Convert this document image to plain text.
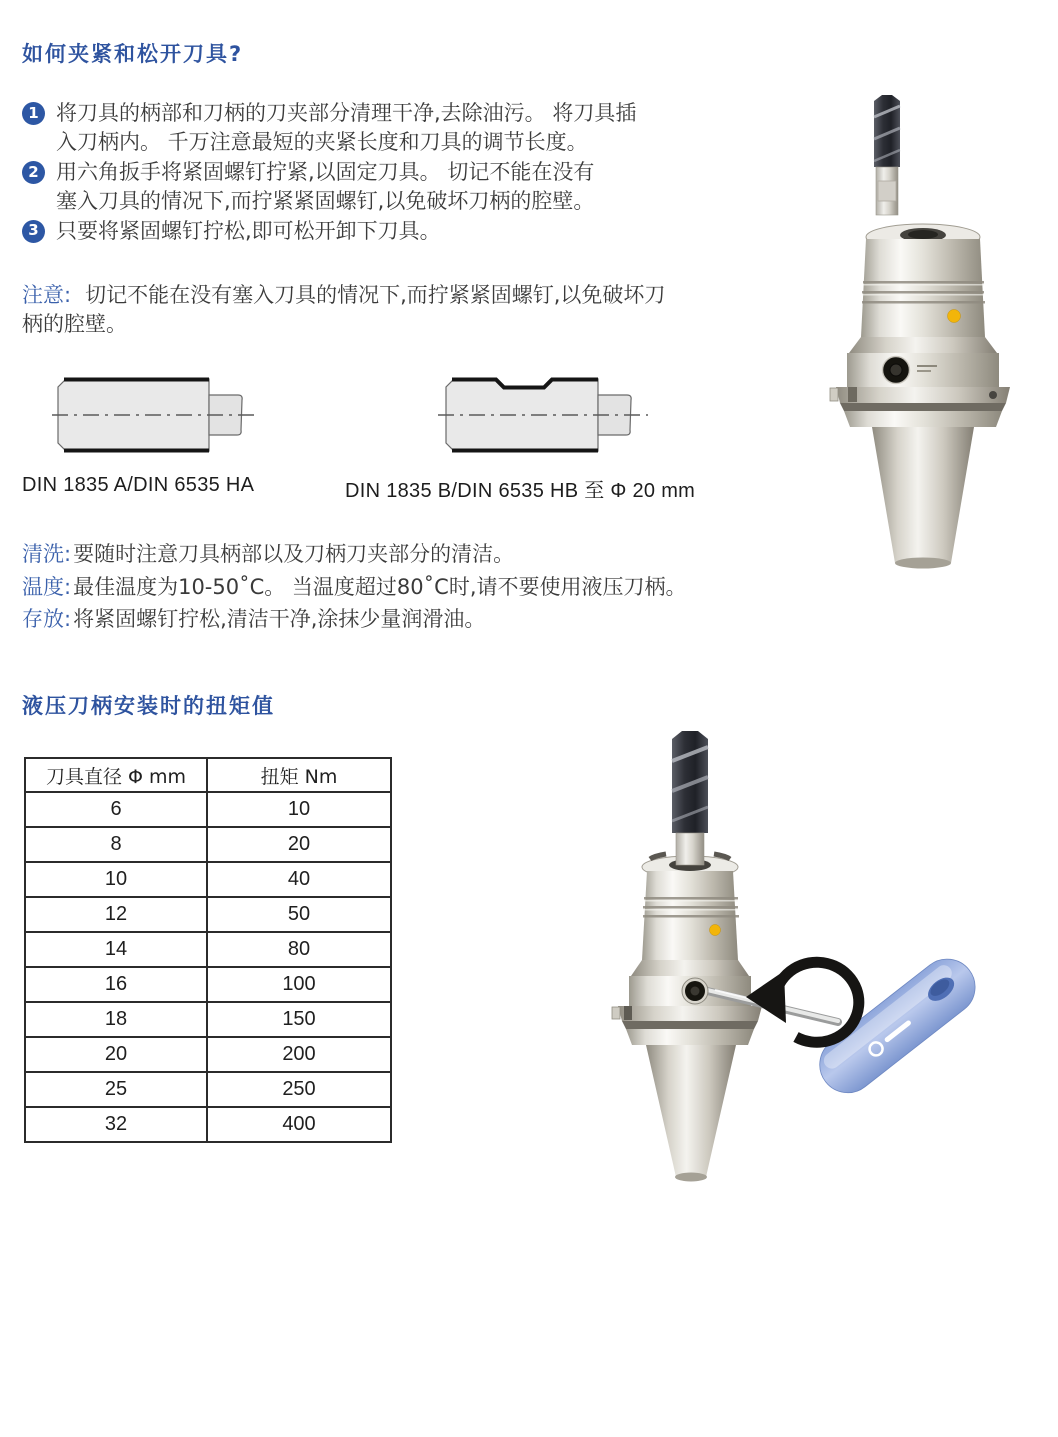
如何夹紧和松开刀具?
1 将刀具的柄部和刀柄的刀夹部分清理干净,去除油污。 将刀具插
入刀柄内。 千万注意最短的夹紧长度和刀具的调节长度。
2 用六角扳手将紧固螺钉拧紧,以固定刀具。 切记不能在没有
塞入刀具的情况下,而拧紧紧固螺钉,以免破坏刀柄的腔壁。
3 只要将紧固螺钉拧松,即可松开卸下刀具。
注意: 切记不能在没有塞入刀具的情况下,而拧紧紧固螺钉,以免破坏刀
柄的腔壁。

DIN 1835 A/DIN 6535 HA	DIN 1835 B/DIN 6535 HB 至 Φ 20 mm

清洗:要随时注意刀具柄部以及刀柄刀夹部分的清洁。
温度:最佳温度为10-50˚C。 当温度超过80˚C时,请不要使用液压刀柄。
存放:将紧固螺钉拧松,清洁干净,涂抹少量润滑油。
液压刀柄安装时的扭矩值
刀具直径 Φ mm	扭矩 Nm
6	10
8	20
10	40
12	50
14	80
16	100
18	150
20	200
25	250
32	400
